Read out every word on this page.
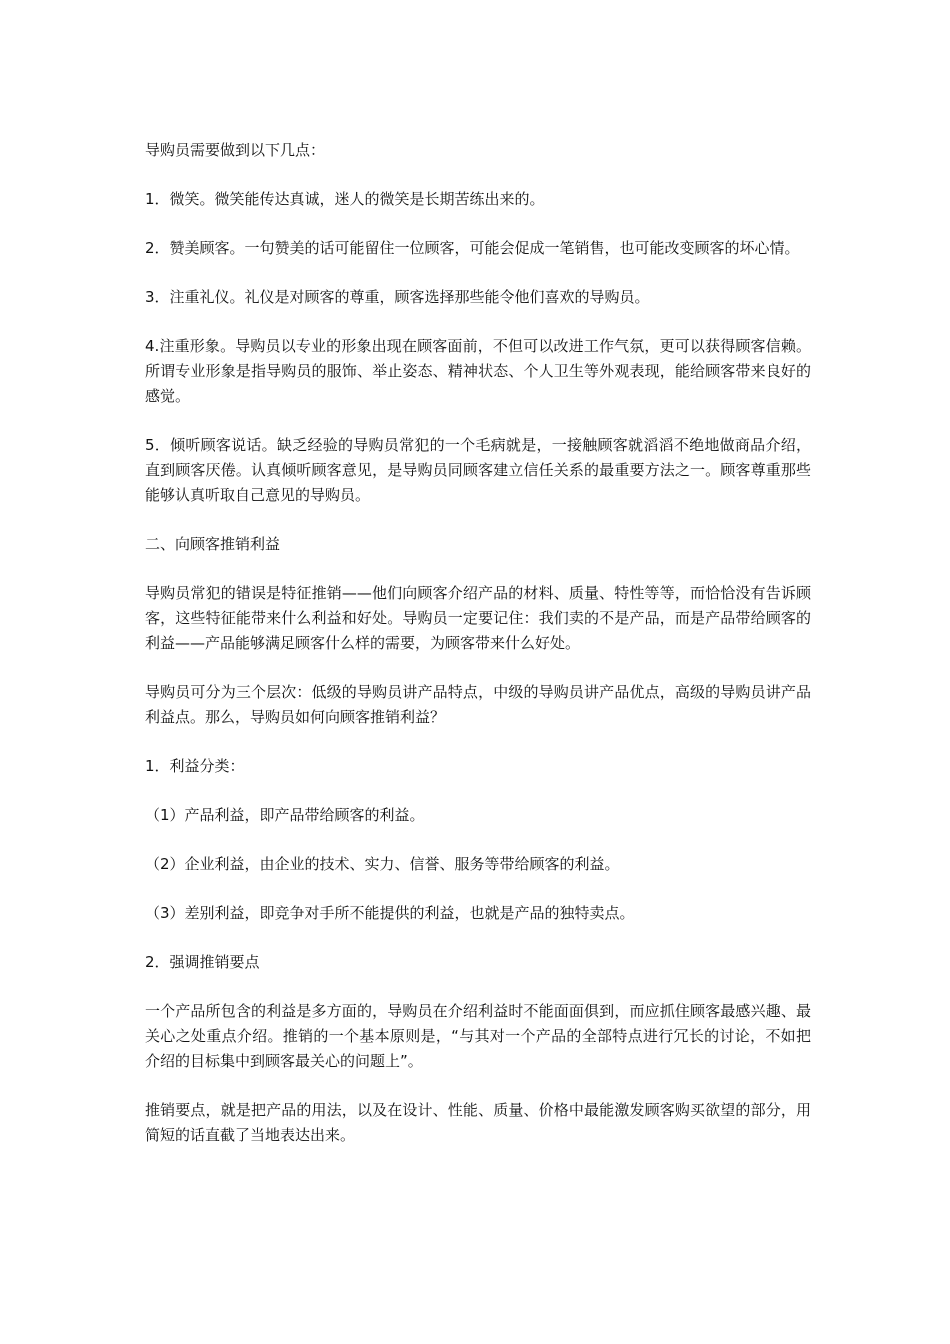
导购员需要做到以下几点：

1．微笑。微笑能传达真诚，迷人的微笑是长期苦练出来的。

2．赞美顾客。一句赞美的话可能留住一位顾客，可能会促成一笔销售，也可能改变顾客的坏心情。

3．注重礼仪。礼仪是对顾客的尊重，顾客选择那些能令他们喜欢的导购员。

4.注重形象。导购员以专业的形象出现在顾客面前，不但可以改进工作气氛，更可以获得顾客信赖。所谓专业形象是指导购员的服饰、举止姿态、精神状态、个人卫生等外观表现，能给顾客带来良好的感觉。

5．倾听顾客说话。缺乏经验的导购员常犯的一个毛病就是，一接触顾客就滔滔不绝地做商品介绍，直到顾客厌倦。认真倾听顾客意见，是导购员同顾客建立信任关系的最重要方法之一。顾客尊重那些能够认真听取自己意见的导购员。

二、向顾客推销利益

导购员常犯的错误是特征推销——他们向顾客介绍产品的材料、质量、特性等等，而恰恰没有告诉顾客，这些特征能带来什么利益和好处。导购员一定要记住：我们卖的不是产品，而是产品带给顾客的利益——产品能够满足顾客什么样的需要，为顾客带来什么好处。

导购员可分为三个层次：低级的导购员讲产品特点，中级的导购员讲产品优点，高级的导购员讲产品利益点。那么，导购员如何向顾客推销利益？

1．利益分类：

（1）产品利益，即产品带给顾客的利益。

（2）企业利益，由企业的技术、实力、信誉、服务等带给顾客的利益。

（3）差别利益，即竞争对手所不能提供的利益，也就是产品的独特卖点。

2．强调推销要点

一个产品所包含的利益是多方面的，导购员在介绍利益时不能面面俱到，而应抓住顾客最感兴趣、最关心之处重点介绍。推销的一个基本原则是，“与其对一个产品的全部特点进行冗长的讨论，不如把介绍的目标集中到顾客最关心的问题上”。

推销要点，就是把产品的用法，以及在设计、性能、质量、价格中最能激发顾客购买欲望的部分，用简短的话直截了当地表达出来。
